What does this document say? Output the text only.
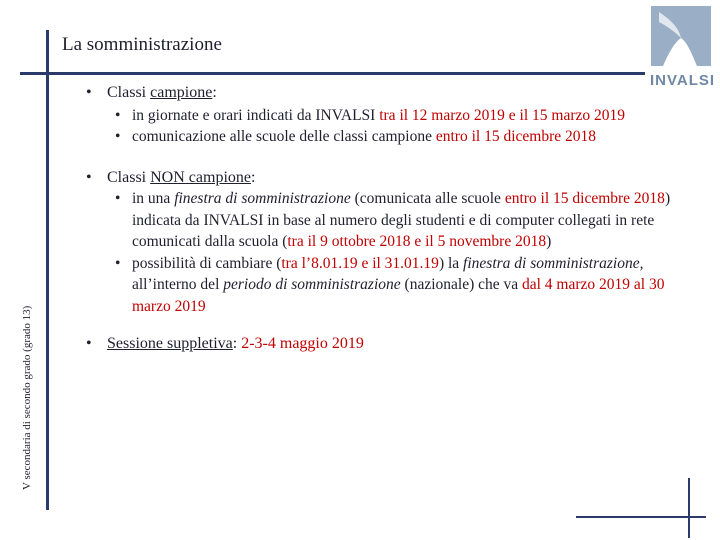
La somministrazione
V secondaria di secondo grado (grado 13)
INVALSI
• Classi campione:
• in giornate e orari indicati da INVALSI tra il 12 marzo 2019 e il 15 marzo 2019
• comunicazione alle scuole delle classi campione entro il 15 dicembre 2018
• Classi NON campione:
• in una finestra di somministrazione (comunicata alle scuole entro il 15 dicembre 2018) indicata da INVALSI in base al numero degli studenti e di computer collegati in rete comunicati dalla scuola (tra il 9 ottobre 2018 e il 5 novembre 2018)
• possibilità di cambiare (tra l’8.01.19 e il 31.01.19) la finestra di somministrazione, all’interno del periodo di somministrazione (nazionale) che va dal 4 marzo 2019 al 30 marzo 2019
• Sessione suppletiva: 2-3-4 maggio 2019
